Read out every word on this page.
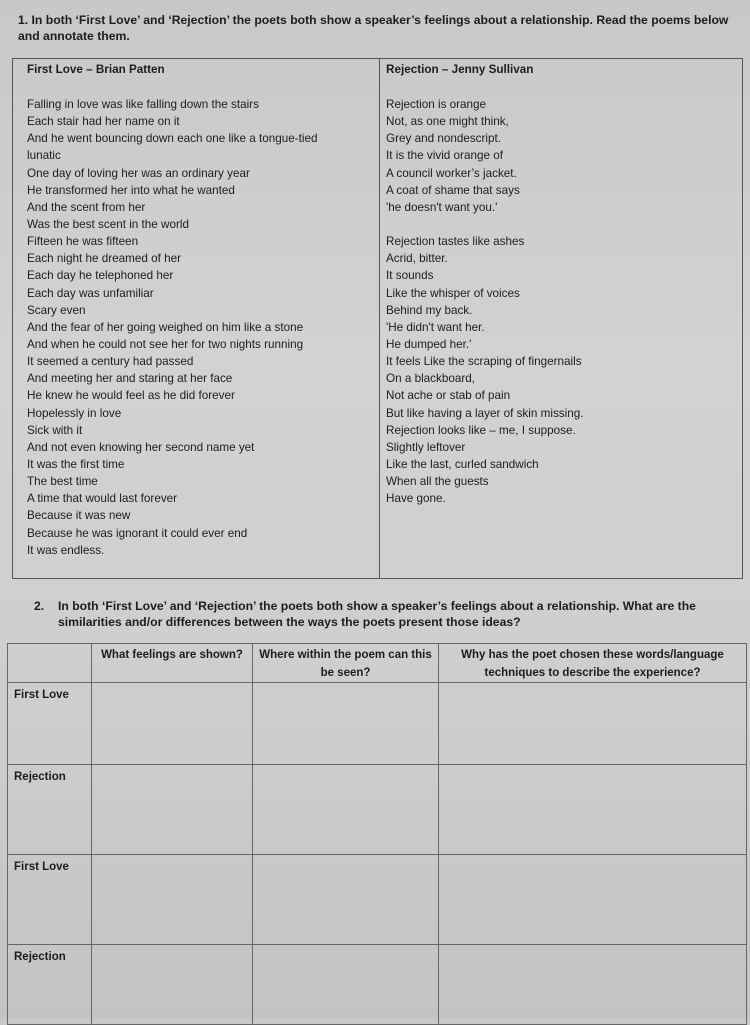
1. In both ‘First Love’ and ‘Rejection’ the poets both show a speaker’s feelings about a relationship. Read the poems below and annotate them.
First Love – Brian Patten
Falling in love was like falling down the stairs
Each stair had her name on it
And he went bouncing down each one like a tongue-tied
lunatic
One day of loving her was an ordinary year
He transformed her into what he wanted
And the scent from her
Was the best scent in the world
Fifteen he was fifteen
Each night he dreamed of her
Each day he telephoned her
Each day was unfamiliar
Scary even
And the fear of her going weighed on him like a stone
And when he could not see her for two nights running
It seemed a century had passed
And meeting her and staring at her face
He knew he would feel as he did forever
Hopelessly in love
Sick with it
And not even knowing her second name yet
It was the first time
The best time
A time that would last forever
Because it was new
Because he was ignorant it could ever end
It was endless.
Rejection – Jenny Sullivan
Rejection is orange
Not, as one might think,
Grey and nondescript.
It is the vivid orange of
A council worker’s jacket.
A coat of shame that says
'he doesn't want you.'
Rejection tastes like ashes
Acrid, bitter.
It sounds
Like the whisper of voices
Behind my back.
'He didn't want her.
He dumped her.'
It feels Like the scraping of fingernails
On a blackboard,
Not ache or stab of pain
But like having a layer of skin missing.
Rejection looks like – me, I suppose.
Slightly leftover
Like the last, curled sandwich
When all the guests
Have gone.
2. In both ‘First Love’ and ‘Rejection’ the poets both show a speaker’s feelings about a relationship. What are the similarities and/or differences between the ways the poets present those ideas?
	What feelings are shown?	Where within the poem can this be seen?	Why has the poet chosen these words/language techniques to describe the experience?
First Love			
Rejection			
First Love			
Rejection			
